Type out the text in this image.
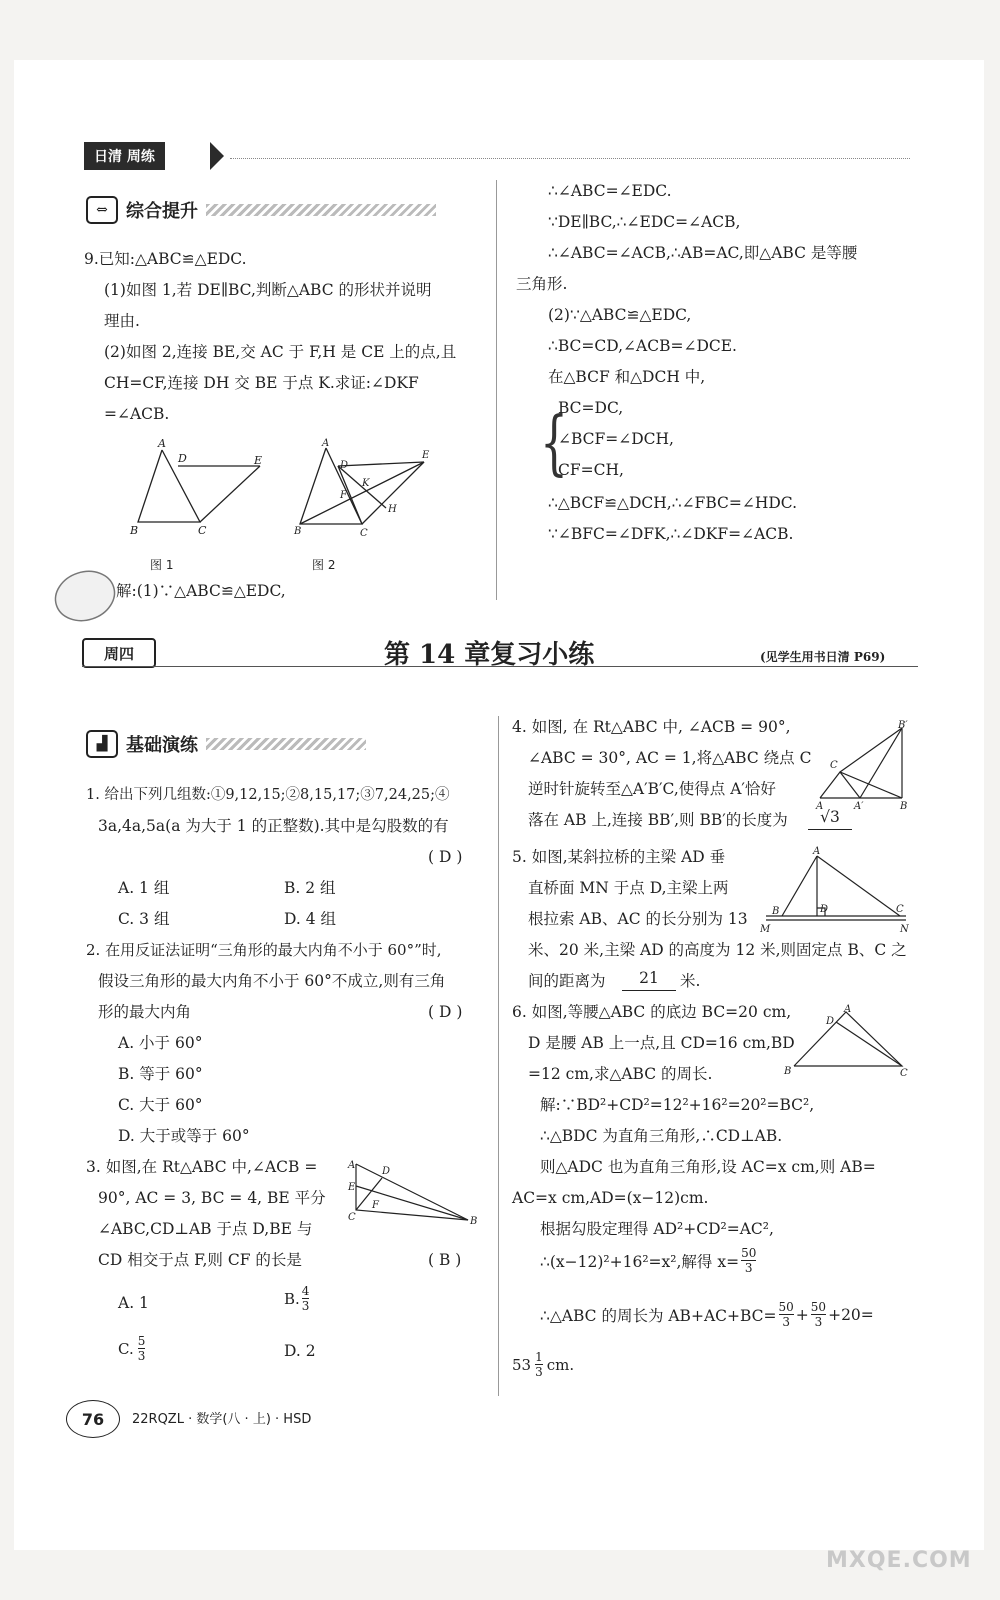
日清 周练
⇔	综合提升
9.已知:△ABC≌△EDC.
(1)如图 1,若 DE∥BC,判断△ABC 的形状并说明
理由.
(2)如图 2,连接 BE,交 AC 于 F,H 是 CE 上的点,且
CH=CF,连接 DH 交 BE 于点 K.求证:∠DKF
=∠ACB.
A
D	E
B	C
图 1
A
D
E
K
F
H
B	C
图 2
解:(1)∵△ABC≌△EDC,
∴∠ABC=∠EDC.
∵DE∥BC,∴∠EDC=∠ACB,
∴∠ABC=∠ACB,∴AB=AC,即△ABC 是等腰
三角形.
(2)∵△ABC≌△EDC,
∴BC=CD,∠ACB=∠DCE.
在△BCF 和△DCH 中,
{
BC=DC,
∠BCF=∠DCH,
CF=CH,
∴△BCF≌△DCH,∴∠FBC=∠HDC.
∵∠BFC=∠DFK,∴∠DKF=∠ACB.
周四	第 14 章复习小练	(见学生用书日清 P69)
▟	基础演练
1. 给出下列几组数:①9,12,15;②8,15,17;③7,24,25;④
3a,4a,5a(a 为大于 1 的正整数).其中是勾股数的有
( D )
A. 1 组	B. 2 组
C. 3 组	D. 4 组
2. 在用反证法证明“三角形的最大内角不小于 60°”时,
假设三角形的最大内角不小于 60°不成立,则有三角
形的最大内角	( D )
A. 小于 60°
B. 等于 60°
C. 大于 60°
D. 大于或等于 60°
3. 如图,在 Rt△ABC 中,∠ACB =
90°, AC = 3, BC = 4, BE 平分
∠ABC,CD⊥AB 于点 D,BE 与
CD 相交于点 F,则 CF 的长是	( B )
A
D
E
F
C	B
A. 1	B. $\frac{4}{3}$
C. $\frac{5}{3}$	D. 2
4. 如图, 在 Rt△ABC 中, ∠ACB = 90°,
∠ABC = 30°, AC = 1,将△ABC 绕点 C
逆时针旋转至△A′B′C,使得点 A′恰好
落在 AB 上,连接 BB′,则 BB′的长度为	√3
B′
C
A	A′	B
5. 如图,某斜拉桥的主梁 AD 垂
直桥面 MN 于点 D,主梁上两
根拉索 AB、AC 的长分别为 13
米、20 米,主梁 AD 的高度为 12 米,则固定点 B、C 之
间的距离为	21	米.
A
B	D	C
M	N
6. 如图,等腰△ABC 的底边 BC=20 cm,
D 是腰 AB 上一点,且 CD=16 cm,BD
=12 cm,求△ABC 的周长.
D
A
B	C
解:∵BD²+CD²=12²+16²=20²=BC²,
∴△BDC 为直角三角形,∴CD⊥AB.
则△ADC 也为直角三角形,设 AC=x cm,则 AB=
AC=x cm,AD=(x−12)cm.
根据勾股定理得 AD²+CD²=AC²,
∴(x−12)²+16²=x²,解得 $x= \frac{50}{3}$
∴△ABC 的周长为 $AB+AC+BC= \frac{50}{3} + \frac{50}{3} +20=$
53 1
3 cm.
76	22RQZL · 数学(八 · 上) · HSD
MXQE.COM
